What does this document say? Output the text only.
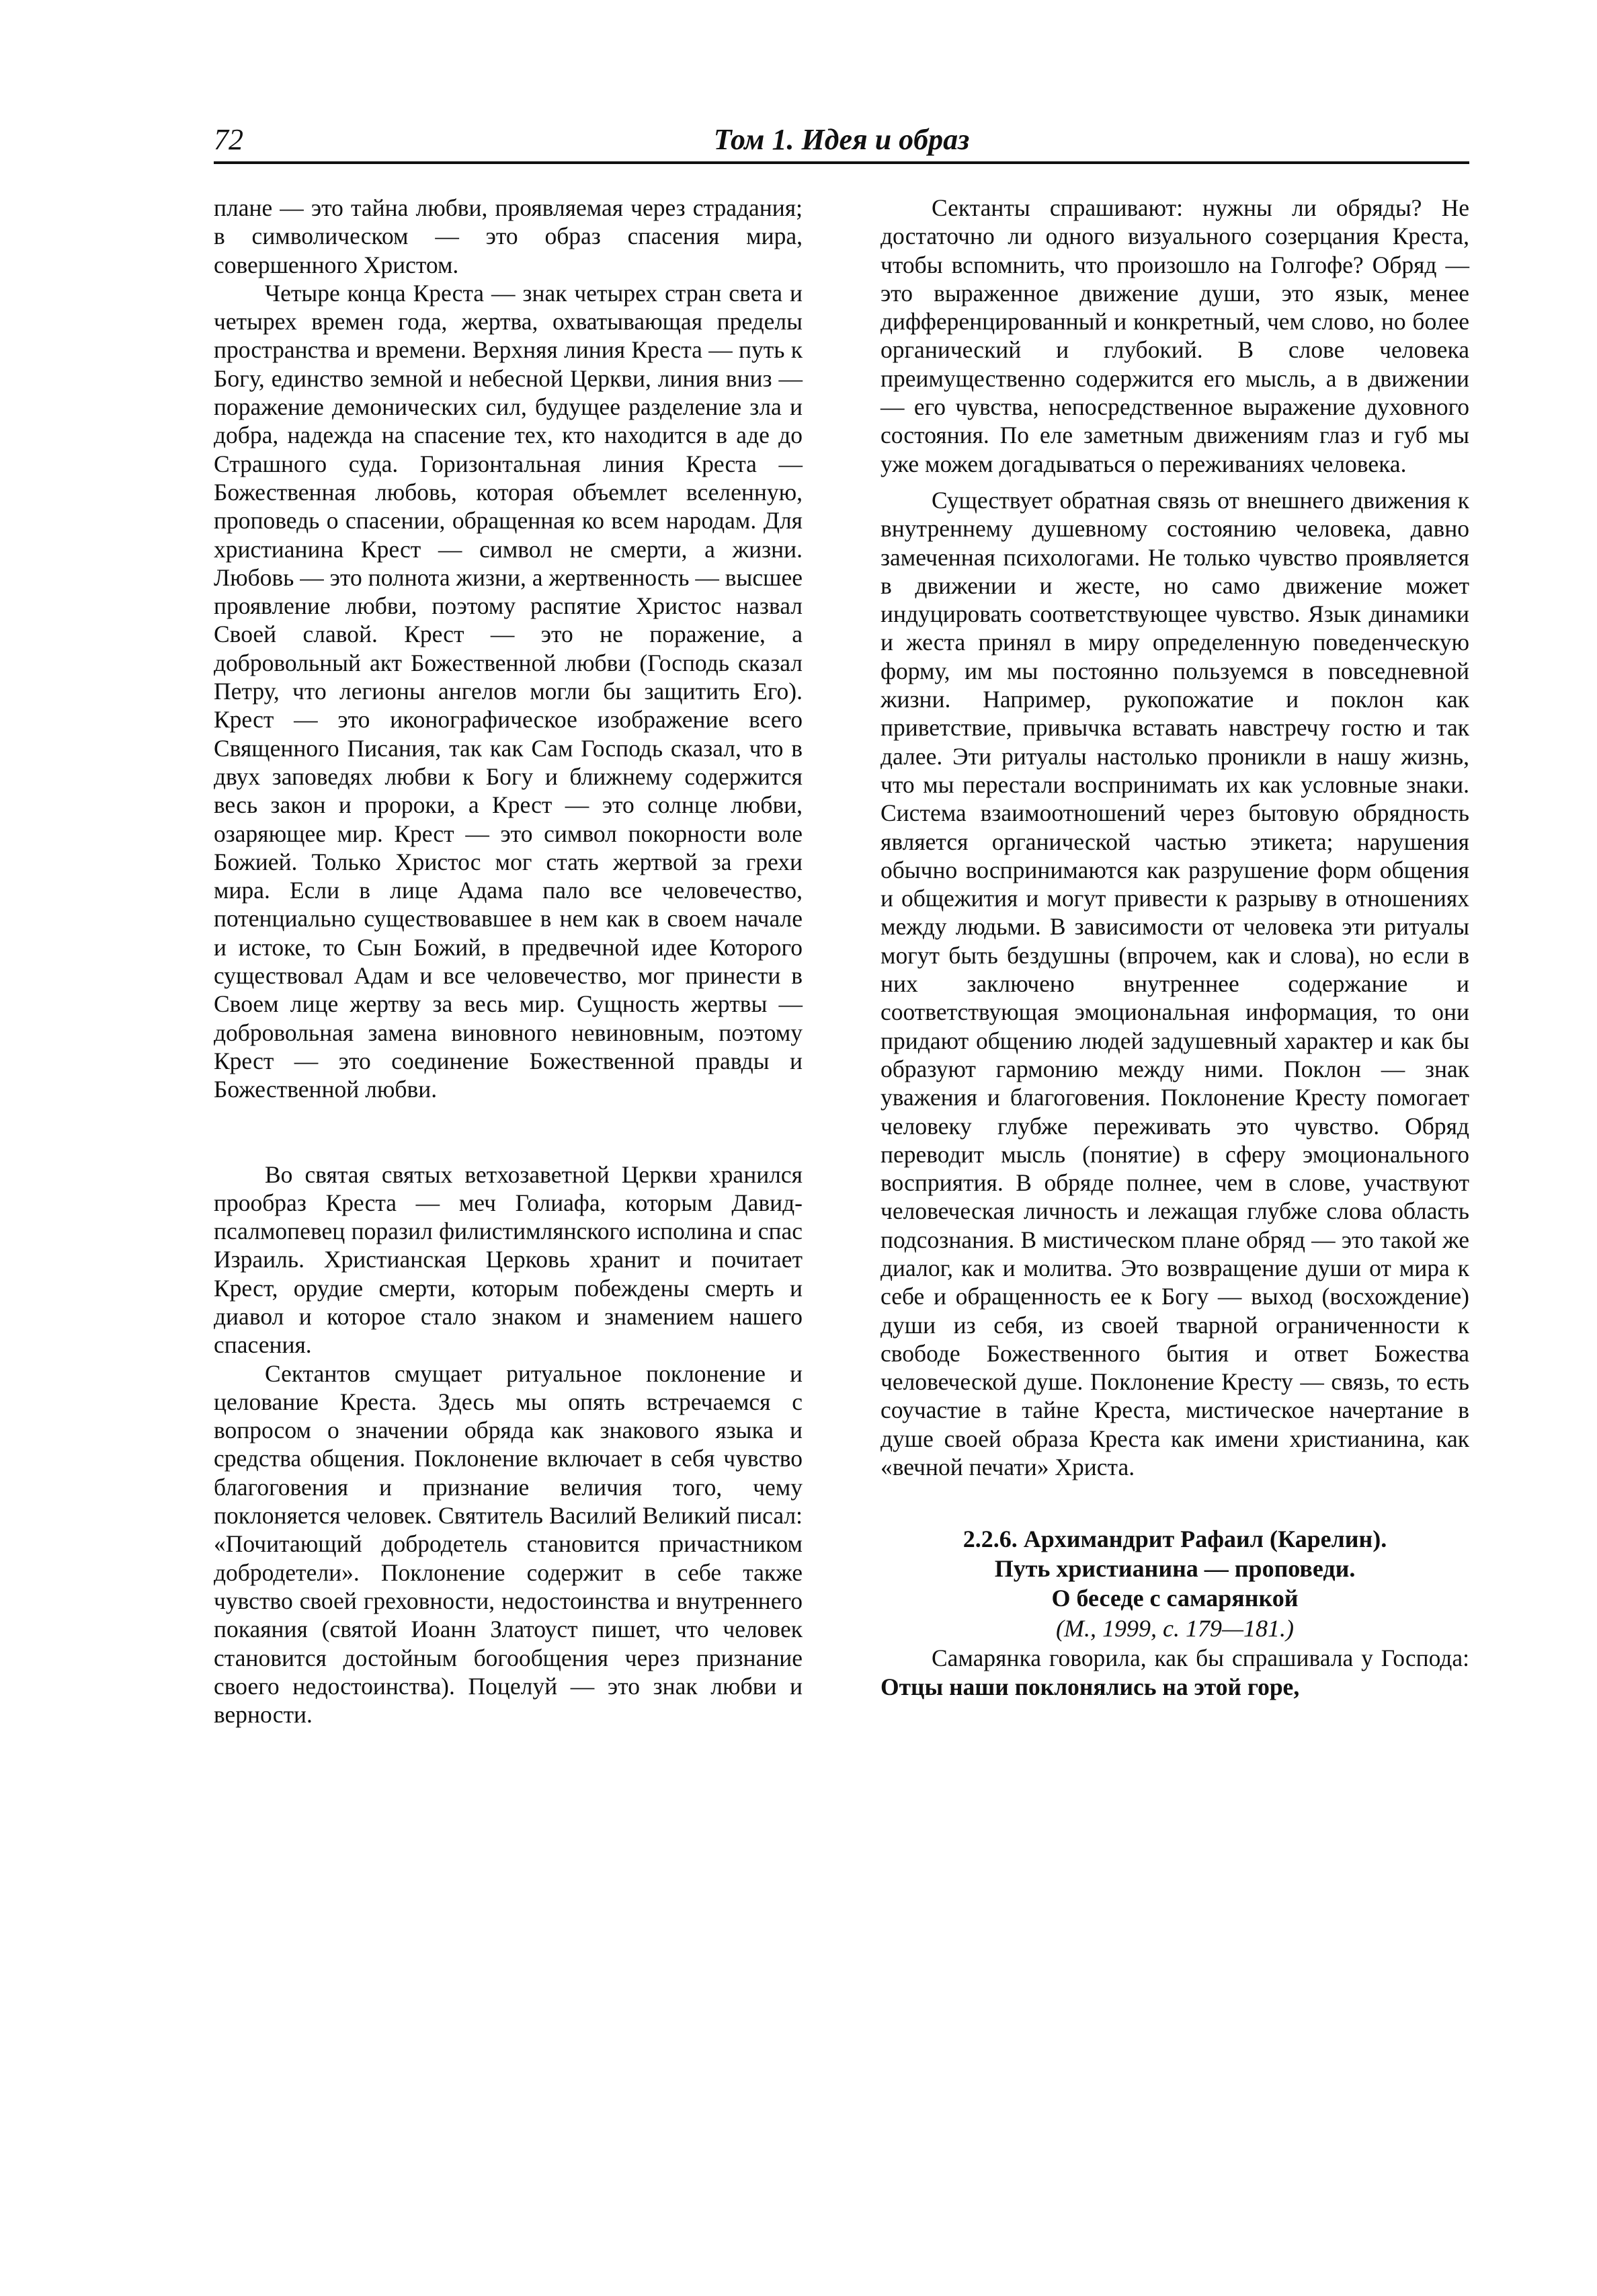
72	Том 1. Идея и образ

плане — это тайна любви, проявляемая через страдания; в символическом — это образ спасения мира, совершенного Христом.

Четыре конца Креста — знак четырех стран света и четырех времен года, жертва, охватывающая пределы пространства и времени. Верхняя линия Креста — путь к Богу, единство земной и небесной Церкви, линия вниз — поражение демонических сил, будущее разделение зла и добра, надежда на спасение тех, кто находится в аде до Страшного суда. Горизонтальная линия Креста — Божественная любовь, которая объемлет вселенную, проповедь о спасении, обращенная ко всем народам. Для христианина Крест — символ не смерти, а жизни. Любовь — это полнота жизни, а жертвенность — высшее проявление любви, поэтому распятие Христос назвал Своей славой. Крест — это не поражение, а добровольный акт Божественной любви (Господь сказал Петру, что легионы ангелов могли бы защитить Его). Крест — это иконографическое изображение всего Священного Писания, так как Сам Господь сказал, что в двух заповедях любви к Богу и ближнему содержится весь закон и пророки, а Крест — это солнце любви, озаряющее мир. Крест — это символ покорности воле Божией. Только Христос мог стать жертвой за грехи мира. Если в лице Адама пало все человечество, потенциально существовавшее в нем как в своем начале и истоке, то Сын Божий, в предвечной идее Которого существовал Адам и все человечество, мог принести в Своем лице жертву за весь мир. Сущность жертвы — добровольная замена виновного невиновным, поэтому Крест — это соединение Божественной правды и Божественной любви.

Во святая святых ветхозаветной Церкви хранился прообраз Креста — меч Голиафа, которым Давид-псалмопевец поразил филистимлянского исполина и спас Израиль. Христианская Церковь хранит и почитает Крест, орудие смерти, которым побеждены смерть и диавол и которое стало знаком и знамением нашего спасения.

Сектантов смущает ритуальное поклонение и целование Креста. Здесь мы опять встречаемся с вопросом о значении обряда как знакового языка и средства общения. Поклонение включает в себя чувство благоговения и признание величия того, чему поклоняется человек. Святитель Василий Великий писал: «Почитающий добродетель становится причастником добродетели». Поклонение содержит в себе также чувство своей греховности, недостоинства и внутреннего покаяния (святой Иоанн Златоуст пишет, что человек становится достойным богообщения через признание своего недостоинства). Поцелуй — это знак любви и верности.

Сектанты спрашивают: нужны ли обряды? Не достаточно ли одного визуального созерцания Креста, чтобы вспомнить, что произошло на Голгофе? Обряд — это выраженное движение души, это язык, менее дифференцированный и конкретный, чем слово, но более органический и глубокий. В слове человека преимущественно содержится его мысль, а в движении — его чувства, непосредственное выражение духовного состояния. По еле заметным движениям глаз и губ мы уже можем догадываться о переживаниях человека.

Существует обратная связь от внешнего движения к внутреннему душевному состоянию человека, давно замеченная психологами. Не только чувство проявляется в движении и жесте, но само движение может индуцировать соответствующее чувство. Язык динамики и жеста принял в миру определенную поведенческую форму, им мы постоянно пользуемся в повседневной жизни. Например, рукопожатие и поклон как приветствие, привычка вставать навстречу гостю и так далее. Эти ритуалы настолько проникли в нашу жизнь, что мы перестали воспринимать их как условные знаки. Система взаимоотношений через бытовую обрядность является органической частью этикета; нарушения обычно воспринимаются как разрушение форм общения и общежития и могут привести к разрыву в отношениях между людьми. В зависимости от человека эти ритуалы могут быть бездушны (впрочем, как и слова), но если в них заключено внутреннее содержание и соответствующая эмоциональная информация, то они придают общению людей задушевный характер и как бы образуют гармонию между ними. Поклон — знак уважения и благоговения. Поклонение Кресту помогает человеку глубже переживать это чувство. Обряд переводит мысль (понятие) в сферу эмоционального восприятия. В обряде полнее, чем в слове, участвуют человеческая личность и лежащая глубже слова область подсознания. В мистическом плане обряд — это такой же диалог, как и молитва. Это возвращение души от мира к себе и обращенность ее к Богу — выход (восхождение) души из себя, из своей тварной ограниченности к свободе Божественного бытия и ответ Божества человеческой душе. Поклонение Кресту — связь, то есть соучастие в тайне Креста, мистическое начертание в душе своей образа Креста как имени христианина, как «вечной печати» Христа.

2.2.6. Архимандрит Рафаил (Карелин).
Путь христианина — проповеди.
О беседе с самарянкой

(М., 1999, с. 179—181.)

Самарянка говорила, как бы спрашивала у Господа: Отцы наши поклонялись на этой горе,
